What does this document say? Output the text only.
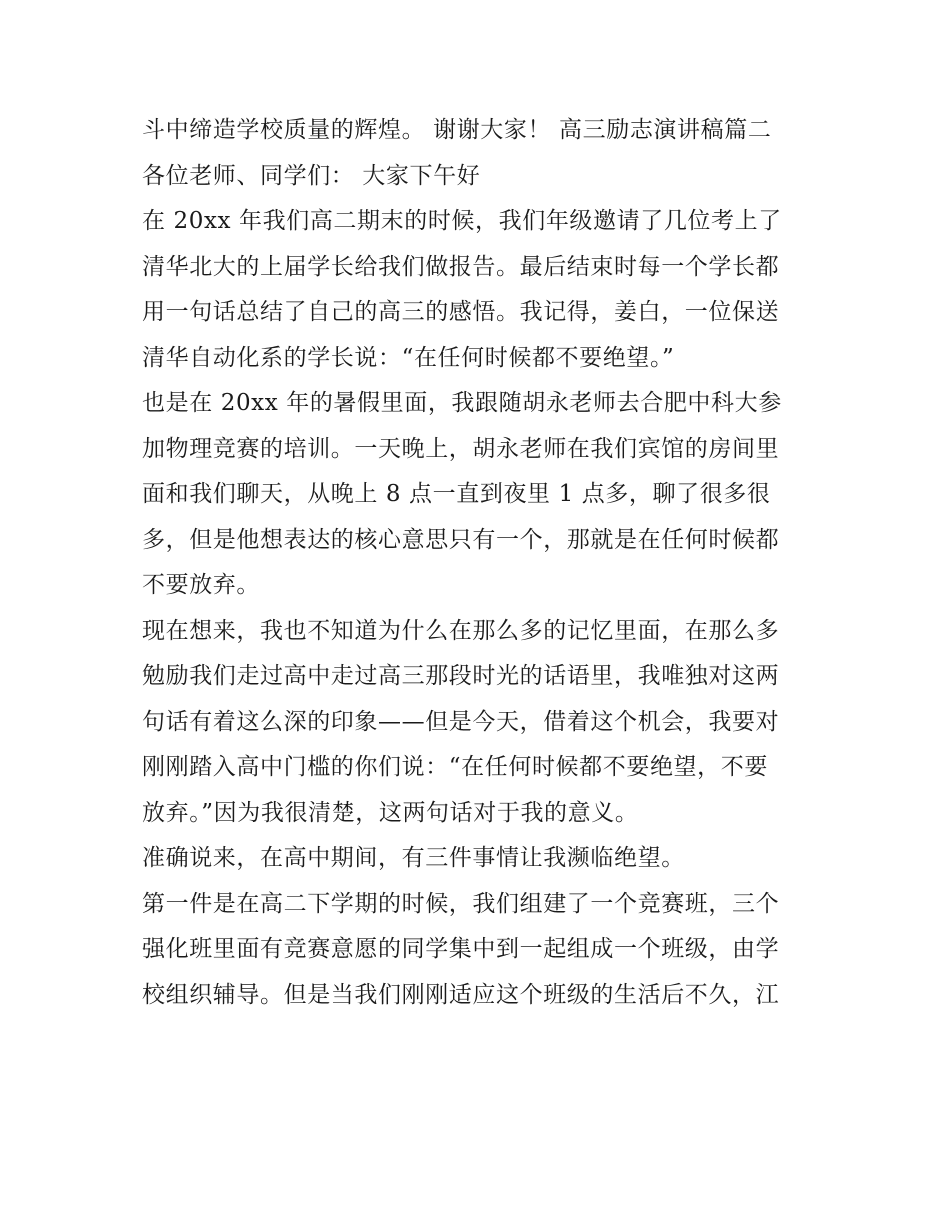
斗中缔造学校质量的辉煌。 谢谢大家！ 高三励志演讲稿篇二
各位老师、同学们： 大家下午好
在 20xx 年我们高二期末的时候，我们年级邀请了几位考上了
清华北大的上届学长给我们做报告。最后结束时每一个学长都
用一句话总结了自己的高三的感悟。我记得，姜白，一位保送
清华自动化系的学长说：“在任何时候都不要绝望。”
也是在 20xx 年的暑假里面，我跟随胡永老师去合肥中科大参
加物理竞赛的培训。一天晚上，胡永老师在我们宾馆的房间里
面和我们聊天，从晚上 8 点一直到夜里 1 点多，聊了很多很
多，但是他想表达的核心意思只有一个，那就是在任何时候都
不要放弃。
现在想来，我也不知道为什么在那么多的记忆里面，在那么多
勉励我们走过高中走过高三那段时光的话语里，我唯独对这两
句话有着这么深的印象——但是今天，借着这个机会，我要对
刚刚踏入高中门槛的你们说：“在任何时候都不要绝望，不要
放弃。”因为我很清楚，这两句话对于我的意义。
准确说来，在高中期间，有三件事情让我濒临绝望。
第一件是在高二下学期的时候，我们组建了一个竞赛班，三个
强化班里面有竞赛意愿的同学集中到一起组成一个班级，由学
校组织辅导。但是当我们刚刚适应这个班级的生活后不久，江
